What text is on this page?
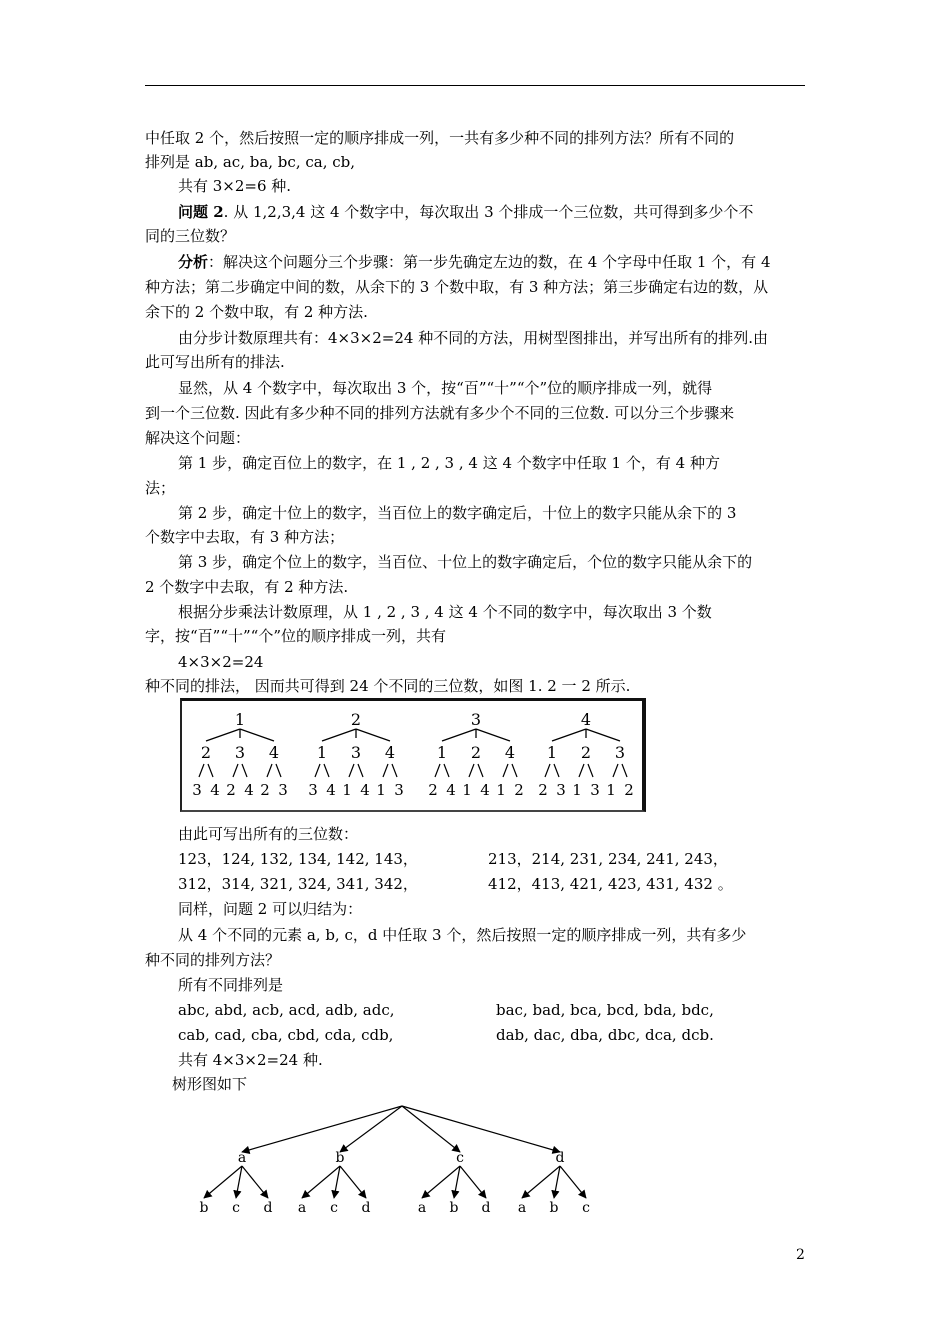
中任取 2 个，然后按照一定的顺序排成一列，一共有多少种不同的排列方法？所有不同的
排列是 ab, ac, ba, bc, ca, cb,
共有 3×2=6 种.
问题 2. 从 1,2,3,4 这 4 个数字中，每次取出 3 个排成一个三位数，共可得到多少个不
同的三位数？
分析：解决这个问题分三个步骤：第一步先确定左边的数，在 4 个字母中任取 1 个，有 4
种方法；第二步确定中间的数，从余下的 3 个数中取，有 3 种方法；第三步确定右边的数，从
余下的 2 个数中取，有 2 种方法.
由分步计数原理共有：4×3×2=24 种不同的方法，用树型图排出，并写出所有的排列.由
此可写出所有的排法.
显然，从 4 个数字中，每次取出 3 个，按“百”“十”“个”位的顺序排成一列，就得
到一个三位数. 因此有多少种不同的排列方法就有多少个不同的三位数. 可以分三个步骤来
解决这个问题：
第 1 步，确定百位上的数字，在 1 , 2 , 3 , 4 这 4 个数字中任取 1 个，有 4 种方
法；
第 2 步，确定十位上的数字，当百位上的数字确定后，十位上的数字只能从余下的 3
个数字中去取，有 3 种方法；
第 3 步，确定个位上的数字，当百位、十位上的数字确定后，个位的数字只能从余下的
2 个数字中去取，有 2 种方法.
根据分步乘法计数原理，从 1 , 2 , 3 , 4 这 4 个不同的数字中，每次取出 3 个数
字，按“百”“十”“个”位的顺序排成一列，共有
4×3×2=24
种不同的排法， 因而共可得到 24 个不同的三位数，如图 1. 2 一 2 所示.
1
2
3 4
3
2 4
4
2 3
2
1
3 4
3
1 4
4
1 3
3
1
2 4
2
1 4
4
1 2
4
1
2 3
2
1 3
3
1 2
由此可写出所有的三位数：
123，124, 132, 134, 142, 143，	213，214, 231, 234, 241, 243，
312，314, 321, 324, 341, 342，	412，413, 421, 423, 431, 432 。
同样，问题 2 可以归结为：
从 4 个不同的元素 a, b, c，d 中任取 3 个，然后按照一定的顺序排成一列，共有多少
种不同的排列方法？
所有不同排列是
abc, abd, acb, acd, adb, adc,	bac, bad, bca, bcd, bda, bdc,
cab, cad, cba, cbd, cda, cdb,	dab, dac, dba, dbc, dca, dcb.
共有 4×3×2=24 种.
树形图如下
a
b c d
b
a c d
c
a b d
d
a b c
2
